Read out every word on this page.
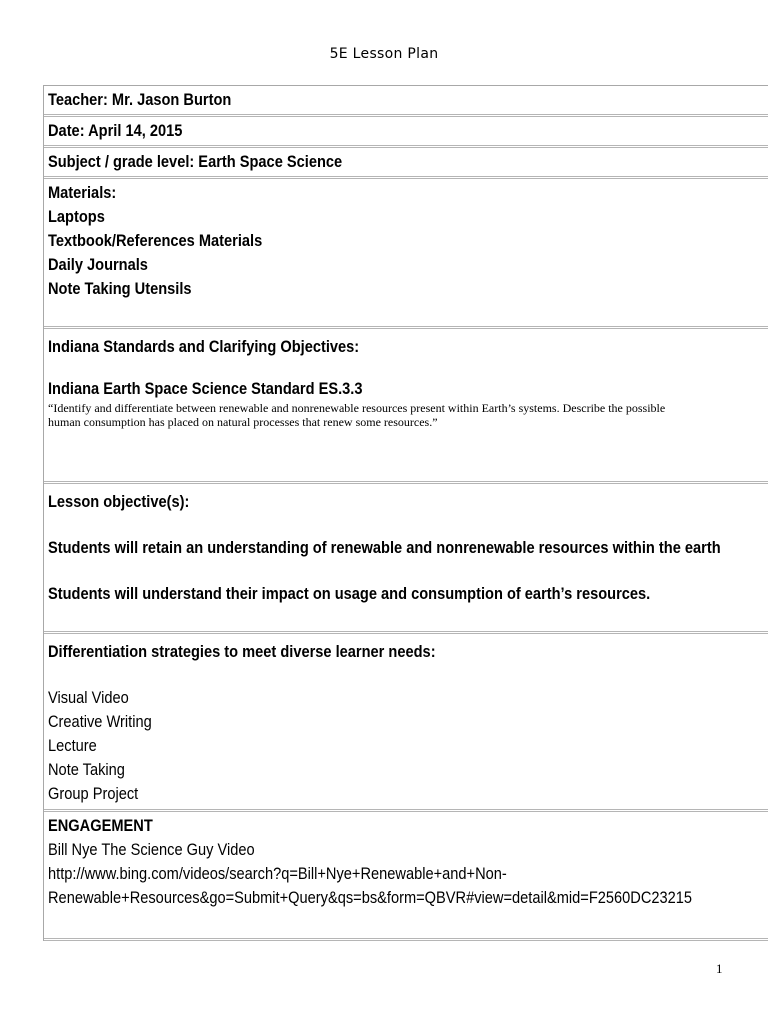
5E Lesson Plan
Teacher: Mr. Jason Burton
Date: April 14, 2015
Subject / grade level: Earth Space Science
Materials:
Laptops
Textbook/References Materials
Daily Journals
Note Taking Utensils
Indiana Standards and Clarifying Objectives:
Indiana Earth Space Science Standard ES.3.3
“Identify and differentiate between renewable and nonrenewable resources present within Earth’s systems. Describe the possible
human consumption has placed on natural processes that renew some resources.”
Lesson objective(s):
Students will retain an understanding of renewable and nonrenewable resources within the earth
Students will understand their impact on usage and consumption of earth’s resources.
Differentiation strategies to meet diverse learner needs:
Visual Video
Creative Writing
Lecture
Note Taking
Group Project
ENGAGEMENT
Bill Nye The Science Guy Video
http://www.bing.com/videos/search?q=Bill+Nye+Renewable+and+Non-
Renewable+Resources&go=Submit+Query&qs=bs&form=QBVR#view=detail&mid=F2560DC23215
1
